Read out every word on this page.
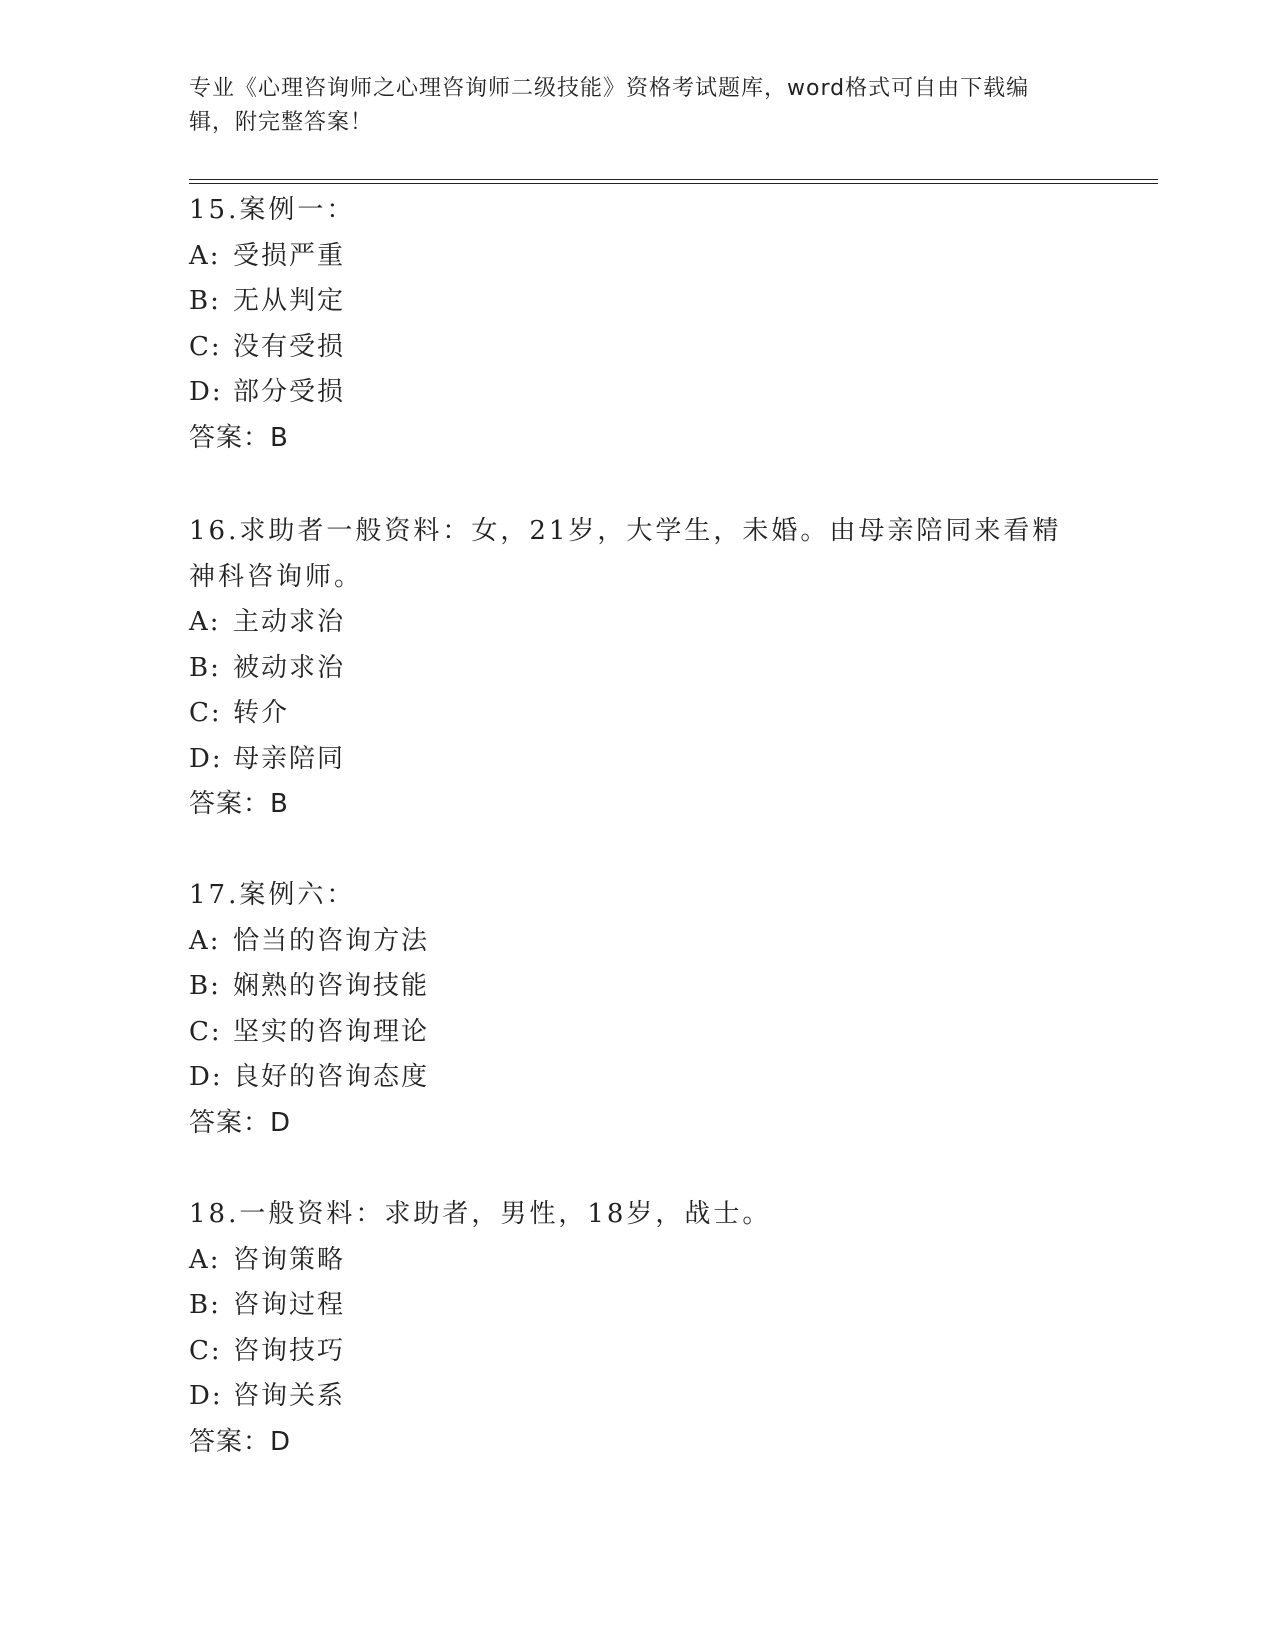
专业《心理咨询师之心理咨询师二级技能》资格考试题库，word格式可自由下载编辑，附完整答案！
15.案例一：
A: 受损严重
B: 无从判定
C: 没有受损
D: 部分受损
答案：B
16.求助者一般资料：女，21岁，大学生，未婚。由母亲陪同来看精神科咨询师。
A: 主动求治
B: 被动求治
C: 转介
D: 母亲陪同
答案：B
17.案例六：
A: 恰当的咨询方法
B: 娴熟的咨询技能
C: 坚实的咨询理论
D: 良好的咨询态度
答案：D
18.一般资料：求助者，男性，18岁，战士。
A: 咨询策略
B: 咨询过程
C: 咨询技巧
D: 咨询关系
答案：D
